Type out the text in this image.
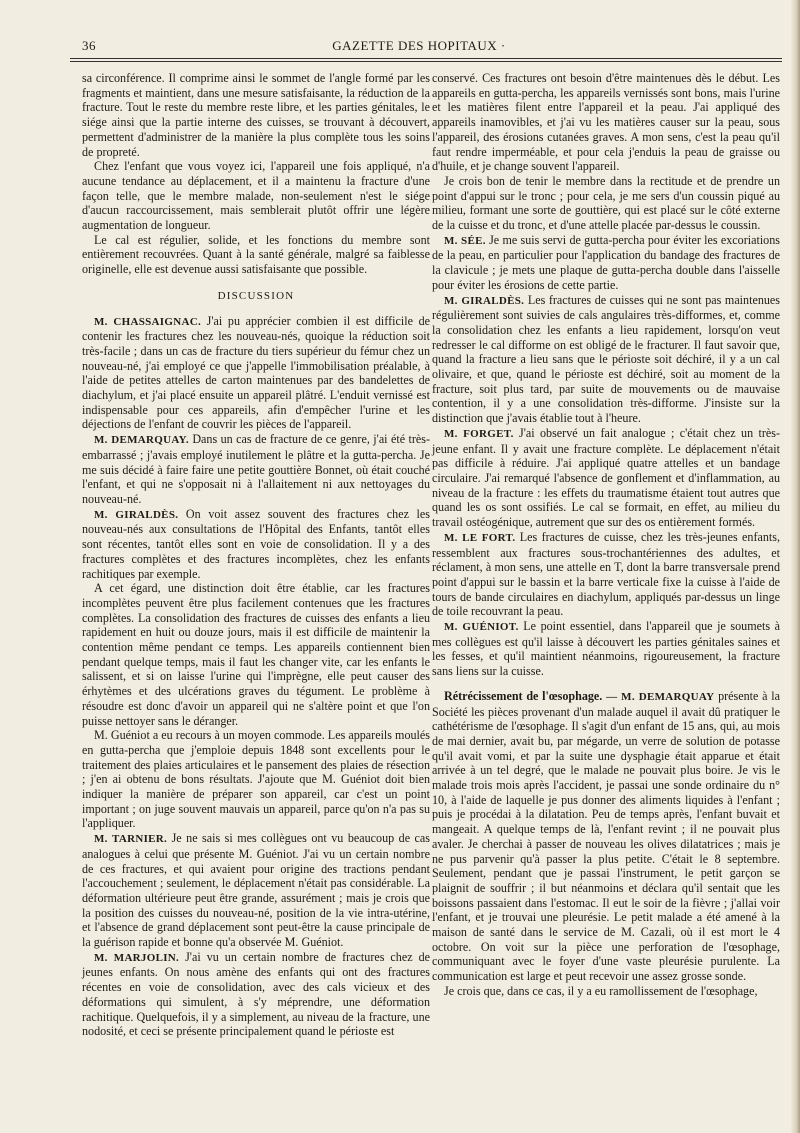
GAZETTE DES HOPITAUX ·
36

sa circonférence. Il comprime ainsi le sommet de l'angle formé par les fragments et maintient, dans une mesure satisfaisante, la réduction de la fracture. Tout le reste du membre reste libre, et les parties génitales, le siége ainsi que la partie interne des cuisses, se trouvant à découvert, permettent d'administrer de la manière la plus complète tous les soins de propreté.

Chez l'enfant que vous voyez ici, l'appareil une fois appliqué, n'a aucune tendance au déplacement, et il a maintenu la fracture d'une façon telle, que le membre malade, non-seulement n'est le siége d'aucun raccourcissement, mais semblerait plutôt offrir une légère augmentation de longueur.

Le cal est régulier, solide, et les fonctions du membre sont entièrement recouvrées. Quant à la santé générale, malgré sa faiblesse originelle, elle est devenue aussi satisfaisante que possible.

DISCUSSION

M. CHASSAIGNAC. J'ai pu apprécier combien il est difficile de contenir les fractures chez les nouveau-nés, quoique la réduction soit très-facile ; dans un cas de fracture du tiers supérieur du fémur chez un nouveau-né, j'ai employé ce que j'appelle l'immobilisation préalable, à l'aide de petites attelles de carton maintenues par des bandelettes de diachylum, et j'ai placé ensuite un appareil plâtré. L'enduit vernissé est indispensable pour ces appareils, afin d'empêcher l'urine et les déjections de l'enfant de couvrir les pièces de l'appareil.

M. DEMARQUAY. Dans un cas de fracture de ce genre, j'ai été très-embarrassé ; j'avais employé inutilement le plâtre et la gutta-percha. Je me suis décidé à faire faire une petite gouttière Bonnet, où était couché l'enfant, et qui ne s'opposait ni à l'allaitement ni aux nettoyages du nouveau-né.

M. GIRALDÈS. On voit assez souvent des fractures chez les nouveau-nés aux consultations de l'Hôpital des Enfants, tantôt elles sont récentes, tantôt elles sont en voie de consolidation. Il y a des fractures complètes et des fractures incomplètes, chez les enfants rachitiques par exemple.

A cet égard, une distinction doit être établie, car les fractures incomplètes peuvent être plus facilement contenues que les fractures complètes. La consolidation des fractures de cuisses des enfants a lieu rapidement en huit ou douze jours, mais il est difficile de maintenir la contention même pendant ce temps. Les appareils contiennent bien pendant quelque temps, mais il faut les changer vite, car les enfants le salissent, et si on laisse l'urine qui l'imprègne, elle peut causer des érhytèmes et des ulcérations graves du tégument. Le problème à résoudre est donc d'avoir un appareil qui ne s'altère point et que l'on puisse nettoyer sans le déranger.

M. Guéniot a eu recours à un moyen commode. Les appareils moulés en gutta-percha que j'emploie depuis 1848 sont excellents pour le traitement des plaies articulaires et le pansement des plaies de résection ; j'en ai obtenu de bons résultats. J'ajoute que M. Guéniot doit bien indiquer la manière de préparer son appareil, car c'est un point important ; on juge souvent mauvais un appareil, parce qu'on n'a pas su l'appliquer.

M. TARNIER. Je ne sais si mes collègues ont vu beaucoup de cas analogues à celui que présente M. Guéniot. J'ai vu un certain nombre de ces fractures, et qui avaient pour origine des tractions pendant l'accouchement ; seulement, le déplacement n'était pas considérable. La déformation ultérieure peut être grande, assurément ; mais je crois que la position des cuisses du nouveau-né, position de la vie intra-utérine, et l'absence de grand déplacement sont peut-être la cause principale de la guérison rapide et bonne qu'a observée M. Guéniot.

M. MARJOLIN. J'ai vu un certain nombre de fractures chez de jeunes enfants. On nous amène des enfants qui ont des fractures récentes en voie de consolidation, avec des cals vicieux et des déformations qui simulent, à s'y méprendre, une déformation rachitique. Quelquefois, il y a simplement, au niveau de la fracture, une nodosité, et ceci se présente principalement quand le périoste est

conservé. Ces fractures ont besoin d'être maintenues dès le début. Les appareils en gutta-percha, les appareils vernissés sont bons, mais l'urine et les matières filent entre l'appareil et la peau. J'ai appliqué des appareils inamovibles, et j'ai vu les matières causer sur la peau, sous l'appareil, des érosions cutanées graves. A mon sens, c'est la peau qu'il faut rendre imperméable, et pour cela j'enduis la peau de graisse ou d'huile, et je change souvent l'appareil.

Je crois bon de tenir le membre dans la rectitude et de prendre un point d'appui sur le tronc ; pour cela, je me sers d'un coussin piqué au milieu, formant une sorte de gouttière, qui est placé sur le côté externe de la cuisse et du tronc, et d'une attelle placée par-dessus le coussin.

M. SÉE. Je me suis servi de gutta-percha pour éviter les excoriations de la peau, en particulier pour l'application du bandage des fractures de la clavicule ; je mets une plaque de gutta-percha double dans l'aisselle pour éviter les érosions de cette partie.

M. GIRALDÈS. Les fractures de cuisses qui ne sont pas maintenues régulièrement sont suivies de cals angulaires très-difformes, et, comme la consolidation chez les enfants a lieu rapidement, lorsqu'on veut redresser le cal difforme on est obligé de le fracturer. Il faut savoir que, quand la fracture a lieu sans que le périoste soit déchiré, il y a un cal olivaire, et que, quand le périoste est déchiré, soit au moment de la fracture, soit plus tard, par suite de mouvements ou de mauvaise contention, il y a une consolidation très-difforme. J'insiste sur la distinction que j'avais établie tout à l'heure.

M. FORGET. J'ai observé un fait analogue ; c'était chez un très-jeune enfant. Il y avait une fracture complète. Le déplacement n'était pas difficile à réduire. J'ai appliqué quatre attelles et un bandage circulaire. J'ai remarqué l'absence de gonflement et d'inflammation, au niveau de la fracture : les effets du traumatisme étaient tout autres que quand les os sont ossifiés. Le cal se formait, en effet, au milieu du travail ostéogénique, autrement que sur des os entièrement formés.

M. LE FORT. Les fractures de cuisse, chez les très-jeunes enfants, ressemblent aux fractures sous-trochantériennes des adultes, et réclament, à mon sens, une attelle en T, dont la barre transversale prend point d'appui sur le bassin et la barre verticale fixe la cuisse à l'aide de tours de bande circulaires en diachylum, appliqués par-dessus un linge de toile recouvrant la peau.

M. GUÉNIOT. Le point essentiel, dans l'appareil que je soumets à mes collègues est qu'il laisse à découvert les parties génitales saines et les fesses, et qu'il maintient néanmoins, rigoureusement, la fracture sans liens sur la cuisse.

Rétrécissement de l'œsophage. — M. DEMARQUAY présente à la Société les pièces provenant d'un malade auquel il avait dû pratiquer le cathétérisme de l'œsophage. Il s'agit d'un enfant de 15 ans, qui, au mois de mai dernier, avait bu, par mégarde, un verre de solution de potasse qu'il avait vomi, et par la suite une dysphagie était apparue et était arrivée à un tel degré, que le malade ne pouvait plus boire. Je vis le malade trois mois après l'accident, je passai une sonde ordinaire du n° 10, à l'aide de laquelle je pus donner des aliments liquides à l'enfant ; puis je procédai à la dilatation. Peu de temps après, l'enfant buvait et mangeait. A quelque temps de là, l'enfant revint ; il ne pouvait plus avaler. Je cherchai à passer de nouveau les olives dilatatrices ; mais je ne pus parvenir qu'à passer la plus petite. C'était le 8 septembre. Seulement, pendant que je passai l'instrument, le petit garçon se plaignit de souffrir ; il but néanmoins et déclara qu'il sentait que les boissons passaient dans l'estomac. Il eut le soir de la fièvre ; j'allai voir l'enfant, et je trouvai une pleurésie. Le petit malade a été amené à la maison de santé dans le service de M. Cazali, où il est mort le 4 octobre. On voit sur la pièce une perforation de l'œsophage, communiquant avec le foyer d'une vaste pleurésie purulente. La communication est large et peut recevoir une assez grosse sonde.

Je crois que, dans ce cas, il y a eu ramollissement de l'œsophage,
